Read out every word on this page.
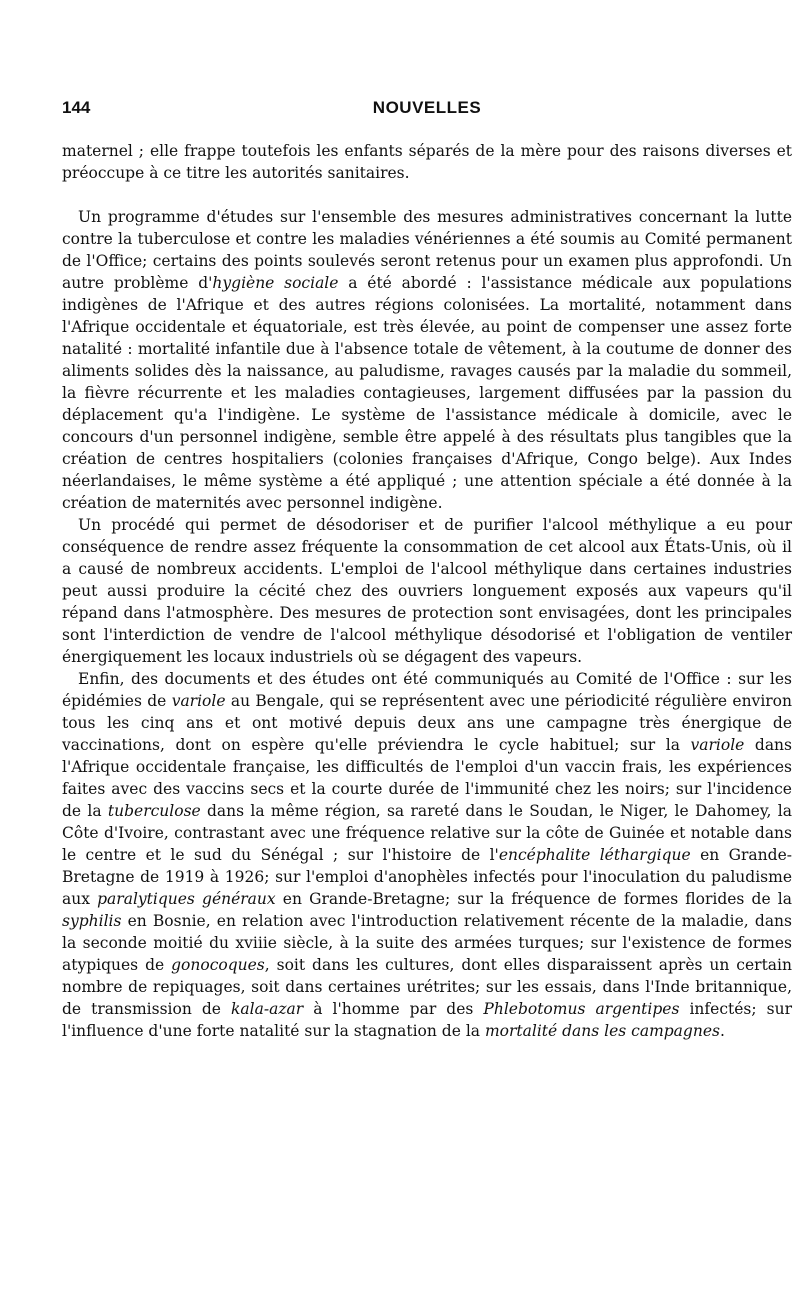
144	NOUVELLES

maternel ; elle frappe toutefois les enfants séparés de la mère pour des raisons diverses et préoccupe à ce titre les autorités sanitaires.

Un programme d'études sur l'ensemble des mesures administratives concernant la lutte contre la tuberculose et contre les maladies vénériennes a été soumis au Comité permanent de l'Office; certains des points soulevés seront retenus pour un examen plus approfondi. Un autre problème d'hygiène sociale a été abordé : l'assistance médicale aux populations indigènes de l'Afrique et des autres régions colonisées. La mortalité, notamment dans l'Afrique occidentale et équatoriale, est très élevée, au point de compenser une assez forte natalité : mortalité infantile due à l'absence totale de vêtement, à la coutume de donner des aliments solides dès la naissance, au paludisme, ravages causés par la maladie du sommeil, la fièvre récurrente et les maladies contagieuses, largement diffusées par la passion du déplacement qu'a l'indigène. Le système de l'assistance médicale à domicile, avec le concours d'un personnel indigène, semble être appelé à des résultats plus tangibles que la création de centres hospitaliers (colonies françaises d'Afrique, Congo belge). Aux Indes néerlandaises, le même système a été appliqué ; une attention spéciale a été donnée à la création de maternités avec personnel indigène.

Un procédé qui permet de désodoriser et de purifier l'alcool méthylique a eu pour conséquence de rendre assez fréquente la consommation de cet alcool aux États-Unis, où il a causé de nombreux accidents. L'emploi de l'alcool méthylique dans certaines industries peut aussi produire la cécité chez des ouvriers longuement exposés aux vapeurs qu'il répand dans l'atmosphère. Des mesures de protection sont envisagées, dont les principales sont l'interdiction de vendre de l'alcool méthylique désodorisé et l'obligation de ventiler énergiquement les locaux industriels où se dégagent des vapeurs.

Enfin, des documents et des études ont été communiqués au Comité de l'Office : sur les épidémies de variole au Bengale, qui se représentent avec une périodicité régulière environ tous les cinq ans et ont motivé depuis deux ans une campagne très énergique de vaccinations, dont on espère qu'elle préviendra le cycle habituel; sur la variole dans l'Afrique occidentale française, les difficultés de l'emploi d'un vaccin frais, les expériences faites avec des vaccins secs et la courte durée de l'immunité chez les noirs; sur l'incidence de la tuberculose dans la même région, sa rareté dans le Soudan, le Niger, le Dahomey, la Côte d'Ivoire, contrastant avec une fréquence relative sur la côte de Guinée et notable dans le centre et le sud du Sénégal ; sur l'histoire de l'encéphalite léthargique en Grande-Bretagne de 1919 à 1926; sur l'emploi d'anophèles infectés pour l'inoculation du paludisme aux paralytiques généraux en Grande-Bretagne; sur la fréquence de formes florides de la syphilis en Bosnie, en relation avec l'introduction relativement récente de la maladie, dans la seconde moitié du xviiie siècle, à la suite des armées turques; sur l'existence de formes atypiques de gonocoques, soit dans les cultures, dont elles disparaissent après un certain nombre de repiquages, soit dans certaines urétrites; sur les essais, dans l'Inde britannique, de transmission de kala-azar à l'homme par des Phlebotomus argentipes infectés; sur l'influence d'une forte natalité sur la stagnation de la mortalité dans les campagnes.
